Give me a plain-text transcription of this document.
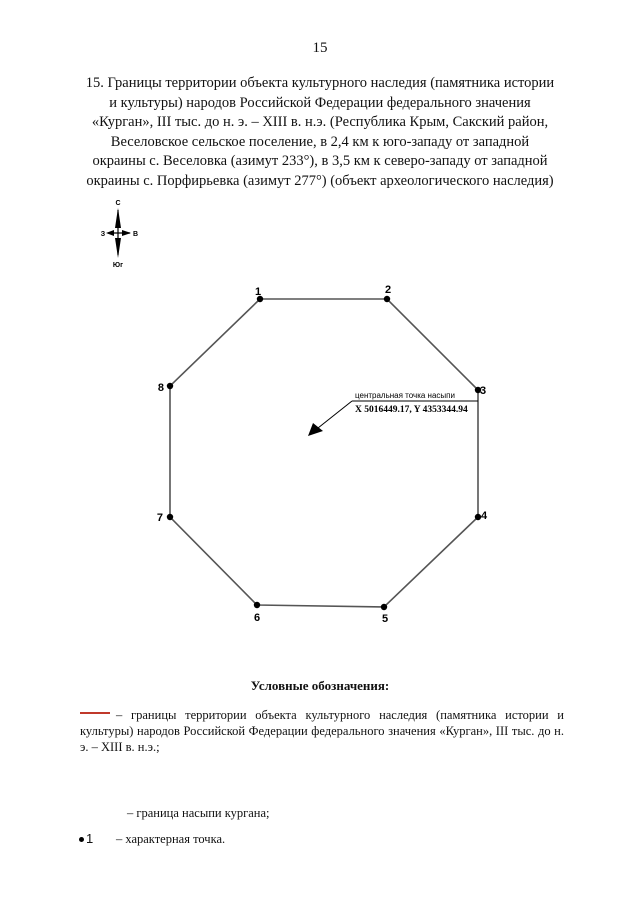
15
15. Границы территории объекта культурного наследия (памятника истории
и культуры) народов Российской Федерации федерального значения
«Курган», III тыс. до н. э. – XIII в. н.э. (Республика Крым, Сакский район,
Веселовское сельское поселение, в 2,4 км к юго-западу от западной
окраины с. Веселовка (азимут 233°), в 3,5 км к северо-западу от западной
окраины с. Порфирьевка (азимут 277°) (объект археологического наследия)
С
Юг
З	В
1	2
3
4
5
6
7
8
центральная точка насыпи
X 5016449.17, Y 4353344.94
Условные обозначения:
– границы территории объекта культурного наследия (памятника истории и культуры) народов Российской Федерации федерального значения «Курган», III тыс. до н. э. – XIII в. н.э.;
– граница насыпи кургана;
1 – характерная точка.
